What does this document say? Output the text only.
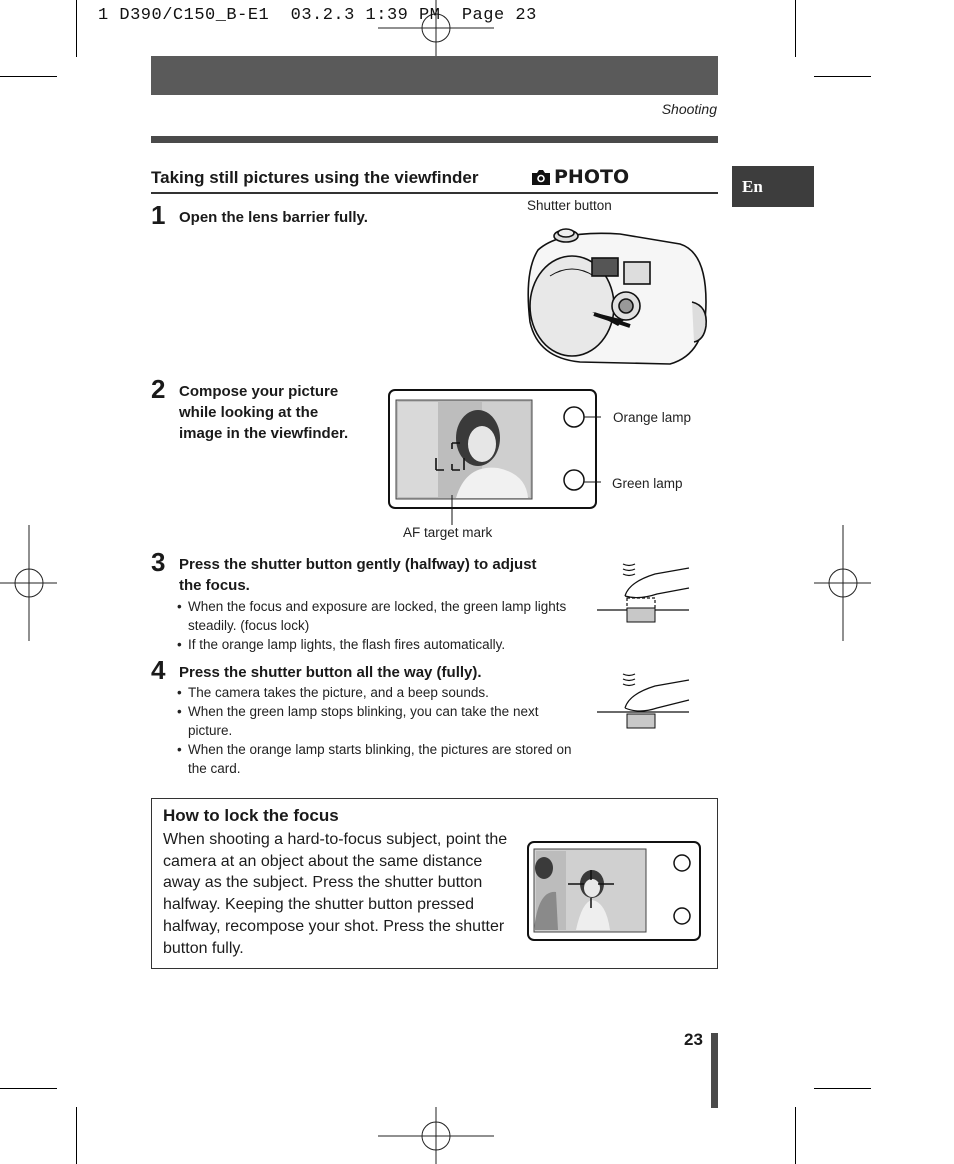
1 D390/C150_B-E1  03.2.3 1:39 PM  Page 23
Shooting
En
Taking still pictures using the viewfinder	PHOTO
1 Open the lens barrier fully.
Shutter button
2 Compose your picture
while looking at the
image in the viewfinder.
Orange lamp
Green lamp
AF target mark
3 Press the shutter button gently (halfway) to adjust
the focus.
• When the focus and exposure are locked, the green lamp lights steadily. (focus lock)
• If the orange lamp lights, the flash fires automatically.
4 Press the shutter button all the way (fully).
• The camera takes the picture, and a beep sounds.
• When the green lamp stops blinking, you can take the next picture.
• When the orange lamp starts blinking, the pictures are stored on the card.
How to lock the focus
When shooting a hard-to-focus subject, point the camera at an object about the same distance away as the subject. Press the shutter button halfway. Keeping the shutter button pressed halfway, recompose your shot. Press the shutter button fully.
23
